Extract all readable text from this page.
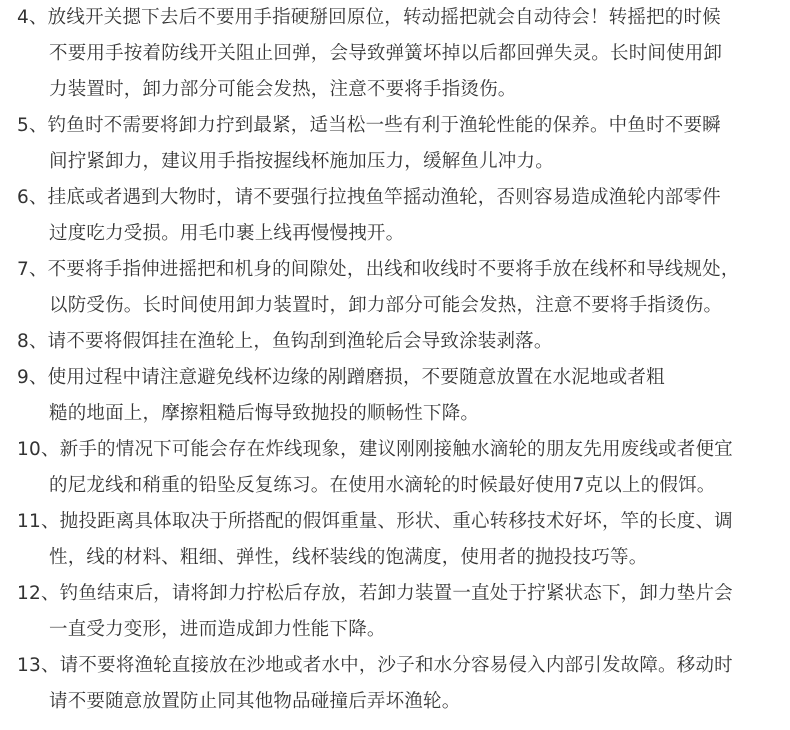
4、放线开关摁下去后不要用手指硬掰回原位，转动摇把就会自动待会！转摇把的时候
不要用手按着防线开关阻止回弹，会导致弹簧坏掉以后都回弹失灵。长时间使用卸
力装置时，卸力部分可能会发热，注意不要将手指烫伤。
5、钓鱼时不需要将卸力拧到最紧，适当松一些有利于渔轮性能的保养。中鱼时不要瞬
间拧紧卸力，建议用手指按握线杯施加压力，缓解鱼儿冲力。
6、挂底或者遇到大物时，请不要强行拉拽鱼竿摇动渔轮，否则容易造成渔轮内部零件
过度吃力受损。用毛巾裹上线再慢慢拽开。
7、不要将手指伸进摇把和机身的间隙处，出线和收线时不要将手放在线杯和导线规处，
以防受伤。长时间使用卸力装置时，卸力部分可能会发热，注意不要将手指烫伤。
8、请不要将假饵挂在渔轮上，鱼钩刮到渔轮后会导致涂装剥落。
9、使用过程中请注意避免线杯边缘的剐蹭磨损，不要随意放置在水泥地或者粗
糙的地面上，摩擦粗糙后悔导致抛投的顺畅性下降。
10、新手的情况下可能会存在炸线现象，建议刚刚接触水滴轮的朋友先用废线或者便宜
的尼龙线和稍重的铅坠反复练习。在使用水滴轮的时候最好使用7克以上的假饵。
11、抛投距离具体取决于所搭配的假饵重量、形状、重心转移技术好坏，竿的长度、调
性，线的材料、粗细、弹性，线杯装线的饱满度，使用者的抛投技巧等。
12、钓鱼结束后，请将卸力拧松后存放，若卸力装置一直处于拧紧状态下，卸力垫片会
一直受力变形，进而造成卸力性能下降。
13、请不要将渔轮直接放在沙地或者水中，沙子和水分容易侵入内部引发故障。移动时
请不要随意放置防止同其他物品碰撞后弄坏渔轮。
